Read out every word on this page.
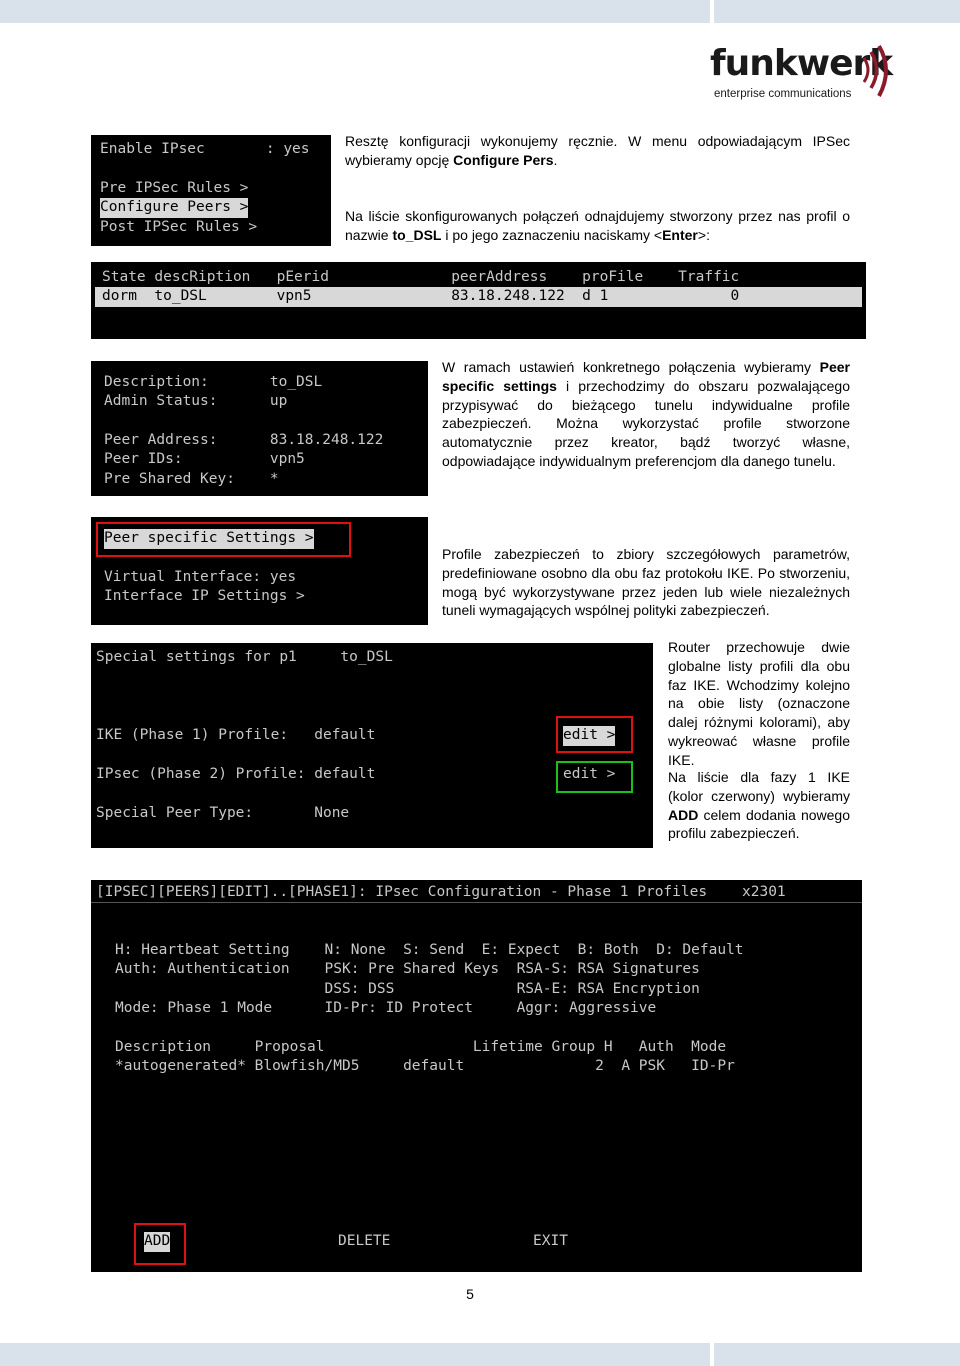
funkwerk
enterprise communications

Enable IPsec       : yes

Pre IPSec Rules >

Configure Peers >

Post IPSec Rules >

Resztę konfiguracji wykonujemy ręcznie. W menu odpowiadającym IPSec wybieramy opcję Configure Pers.
Na liście skonfigurowanych połączeń odnajdujemy stworzony przez nas profil o nazwie to_DSL i po jego zaznaczeniu naciskamy <Enter>:

State descRiption   pEerid              peerAddress    proFile    Traffic

dorm  to_DSL        vpn5                83.18.248.122  d 1              0

Description:       to_DSL

Admin Status:      up

Peer Address:      83.18.248.122

Peer IDs:          vpn5

Pre Shared Key:    *

W ramach ustawień konkretnego połączenia wybieramy Peer specific settings i przechodzimy do obszaru pozwalającego przypisywać do bieżącego tunelu indywidualne profile zabezpieczeń. Można wykorzystać profile stworzone automatycznie przez kreator, bądź tworzyć własne, odpowiadające indywidualnym preferencjom dla danego tunelu.

Peer specific Settings >

Virtual Interface: yes

Interface IP Settings >

Profile zabezpieczeń to zbiory szczegółowych parametrów, predefiniowane osobno dla obu faz protokołu IKE. Po stworzeniu, mogą być wykorzystywane przez jeden lub wiele niezależnych tuneli wymagających wspólnej polityki zabezpieczeń.

Special settings for p1     to_DSL

IKE (Phase 1) Profile:   default

IPsec (Phase 2) Profile: default

Special Peer Type:       None

edit >

edit >

Router przechowuje dwie globalne listy profili dla obu faz IKE. Wchodzimy kolejno na obie listy (oznaczone dalej różnymi kolorami), aby wykreować własne profile IKE.
Na liście dla fazy 1 IKE (kolor czerwony) wybieramy ADD celem dodania nowego profilu zabezpieczeń.

[IPSEC][PEERS][EDIT]..[PHASE1]: IPsec Configuration - Phase 1 Profiles    x2301

H: Heartbeat Setting    N: None  S: Send  E: Expect  B: Both  D: Default

Auth: Authentication    PSK: Pre Shared Keys  RSA-S: RSA Signatures

DSS: DSS              RSA-E: RSA Encryption

Mode: Phase 1 Mode      ID-Pr: ID Protect     Aggr: Aggressive

Description     Proposal                 Lifetime Group H   Auth  Mode

*autogenerated* Blowfish/MD5     default               2  A PSK   ID-Pr

ADD

	DELETE

	EXIT

5
